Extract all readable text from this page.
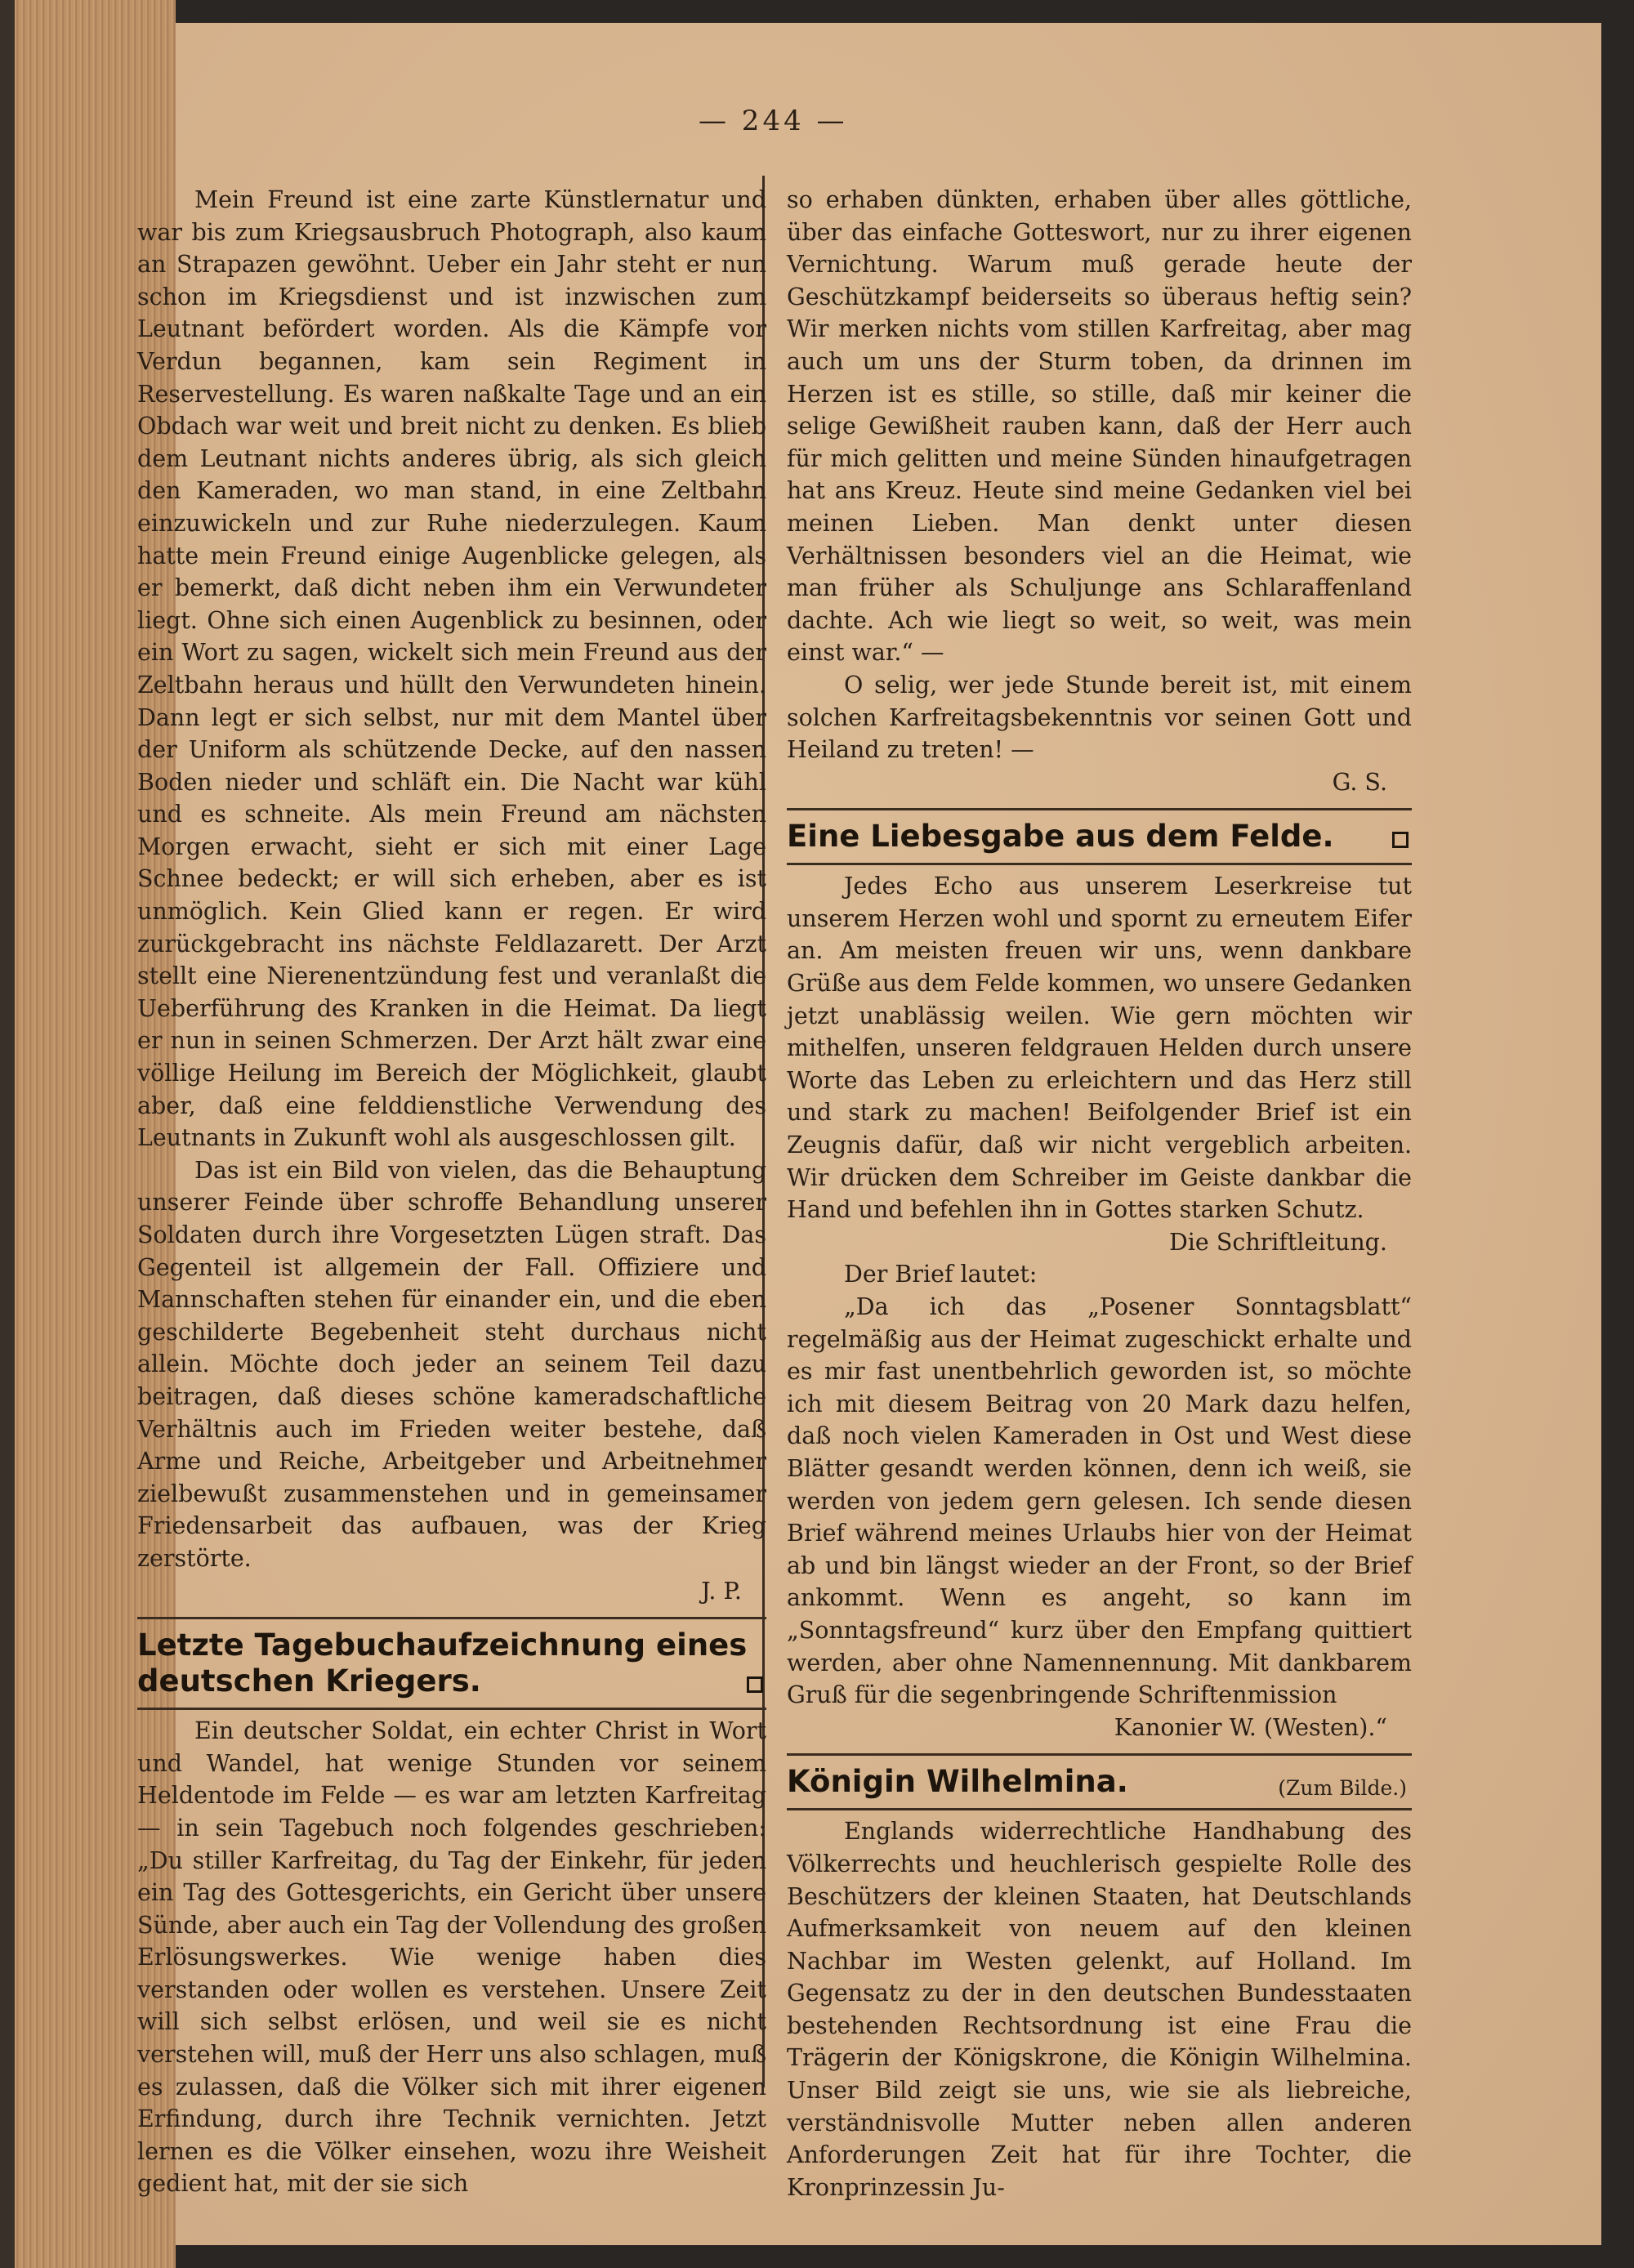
— 244 —

Mein Freund ist eine zarte Künstlernatur und war bis zum Kriegsausbruch Photograph, also kaum an Strapazen gewöhnt. Ueber ein Jahr steht er nun schon im Kriegsdienst und ist inzwischen zum Leutnant befördert worden. Als die Kämpfe vor Verdun begannen, kam sein Regiment in Reservestellung. Es waren naßkalte Tage und an ein Obdach war weit und breit nicht zu denken. Es blieb dem Leutnant nichts anderes übrig, als sich gleich den Kameraden, wo man stand, in eine Zeltbahn einzuwickeln und zur Ruhe niederzulegen. Kaum hatte mein Freund einige Augenblicke gelegen, als er bemerkt, daß dicht neben ihm ein Verwundeter liegt. Ohne sich einen Augenblick zu besinnen, oder ein Wort zu sagen, wickelt sich mein Freund aus der Zeltbahn heraus und hüllt den Verwundeten hinein. Dann legt er sich selbst, nur mit dem Mantel über der Uniform als schützende Decke, auf den nassen Boden nieder und schläft ein. Die Nacht war kühl und es schneite. Als mein Freund am nächsten Morgen erwacht, sieht er sich mit einer Lage Schnee bedeckt; er will sich erheben, aber es ist unmöglich. Kein Glied kann er regen. Er wird zurückgebracht ins nächste Feldlazarett. Der Arzt stellt eine Nierenentzündung fest und veranlaßt die Ueberführung des Kranken in die Heimat. Da liegt er nun in seinen Schmerzen. Der Arzt hält zwar eine völlige Heilung im Bereich der Möglichkeit, glaubt aber, daß eine felddienstliche Verwendung des Leutnants in Zukunft wohl als ausgeschlossen gilt.

Das ist ein Bild von vielen, das die Behauptung unserer Feinde über schroffe Behandlung unserer Soldaten durch ihre Vorgesetzten Lügen straft. Das Gegenteil ist allgemein der Fall. Offiziere und Mannschaften stehen für einander ein, und die eben geschilderte Begebenheit steht durchaus nicht allein. Möchte doch jeder an seinem Teil dazu beitragen, daß dieses schöne kameradschaftliche Verhältnis auch im Frieden weiter bestehe, daß Arme und Reiche, Arbeitgeber und Arbeitnehmer zielbewußt zusammenstehen und in gemeinsamer Friedensarbeit das aufbauen, was der Krieg zerstörte.

J. P.
Letzte Tagebuchaufzeichnung eines deutschen Kriegers.

Ein deutscher Soldat, ein echter Christ in Wort und Wandel, hat wenige Stunden vor seinem Heldentode im Felde — es war am letzten Karfreitag — in sein Tagebuch noch folgendes geschrieben: „Du stiller Karfreitag, du Tag der Einkehr, für jeden ein Tag des Gottesgerichts, ein Gericht über unsere Sünde, aber auch ein Tag der Vollendung des großen Erlösungswerkes. Wie wenige haben dies verstanden oder wollen es verstehen. Unsere Zeit will sich selbst erlösen, und weil sie es nicht verstehen will, muß der Herr uns also schlagen, muß es zulassen, daß die Völker sich mit ihrer eigenen Erfindung, durch ihre Technik vernichten. Jetzt lernen es die Völker einsehen, wozu ihre Weisheit gedient hat, mit der sie sich

so erhaben dünkten, erhaben über alles göttliche, über das einfache Gotteswort, nur zu ihrer eigenen Vernichtung. Warum muß gerade heute der Geschützkampf beiderseits so überaus heftig sein? Wir merken nichts vom stillen Karfreitag, aber mag auch um uns der Sturm toben, da drinnen im Herzen ist es stille, so stille, daß mir keiner die selige Gewißheit rauben kann, daß der Herr auch für mich gelitten und meine Sünden hinaufgetragen hat ans Kreuz. Heute sind meine Gedanken viel bei meinen Lieben. Man denkt unter diesen Verhältnissen besonders viel an die Heimat, wie man früher als Schuljunge ans Schlaraffenland dachte. Ach wie liegt so weit, so weit, was mein einst war.“ —

O selig, wer jede Stunde bereit ist, mit einem solchen Karfreitagsbekenntnis vor seinen Gott und Heiland zu treten! —

G. S.
Eine Liebesgabe aus dem Felde.

Jedes Echo aus unserem Leserkreise tut unserem Herzen wohl und spornt zu erneutem Eifer an. Am meisten freuen wir uns, wenn dankbare Grüße aus dem Felde kommen, wo unsere Gedanken jetzt unablässig weilen. Wie gern möchten wir mithelfen, unseren feldgrauen Helden durch unsere Worte das Leben zu erleichtern und das Herz still und stark zu machen! Beifolgender Brief ist ein Zeugnis dafür, daß wir nicht vergeblich arbeiten. Wir drücken dem Schreiber im Geiste dankbar die Hand und befehlen ihn in Gottes starken Schutz.

Die Schriftleitung.

Der Brief lautet:

„Da ich das „Posener Sonntagsblatt“ regelmäßig aus der Heimat zugeschickt erhalte und es mir fast unentbehrlich geworden ist, so möchte ich mit diesem Beitrag von 20 Mark dazu helfen, daß noch vielen Kameraden in Ost und West diese Blätter gesandt werden können, denn ich weiß, sie werden von jedem gern gelesen. Ich sende diesen Brief während meines Urlaubs hier von der Heimat ab und bin längst wieder an der Front, so der Brief ankommt. Wenn es angeht, so kann im „Sonntagsfreund“ kurz über den Empfang quittiert werden, aber ohne Namennennung. Mit dankbarem Gruß für die segenbringende Schriftenmission

Kanonier W. (Westen).“
Königin Wilhelmina.	(Zum Bilde.)

Englands widerrechtliche Handhabung des Völkerrechts und heuchlerisch gespielte Rolle des Beschützers der kleinen Staaten, hat Deutschlands Aufmerksamkeit von neuem auf den kleinen Nachbar im Westen gelenkt, auf Holland. Im Gegensatz zu der in den deutschen Bundesstaaten bestehenden Rechtsordnung ist eine Frau die Trägerin der Königskrone, die Königin Wilhelmina. Unser Bild zeigt sie uns, wie sie als liebreiche, verständnisvolle Mutter neben allen anderen Anforderungen Zeit hat für ihre Tochter, die Kronprinzessin Ju-
